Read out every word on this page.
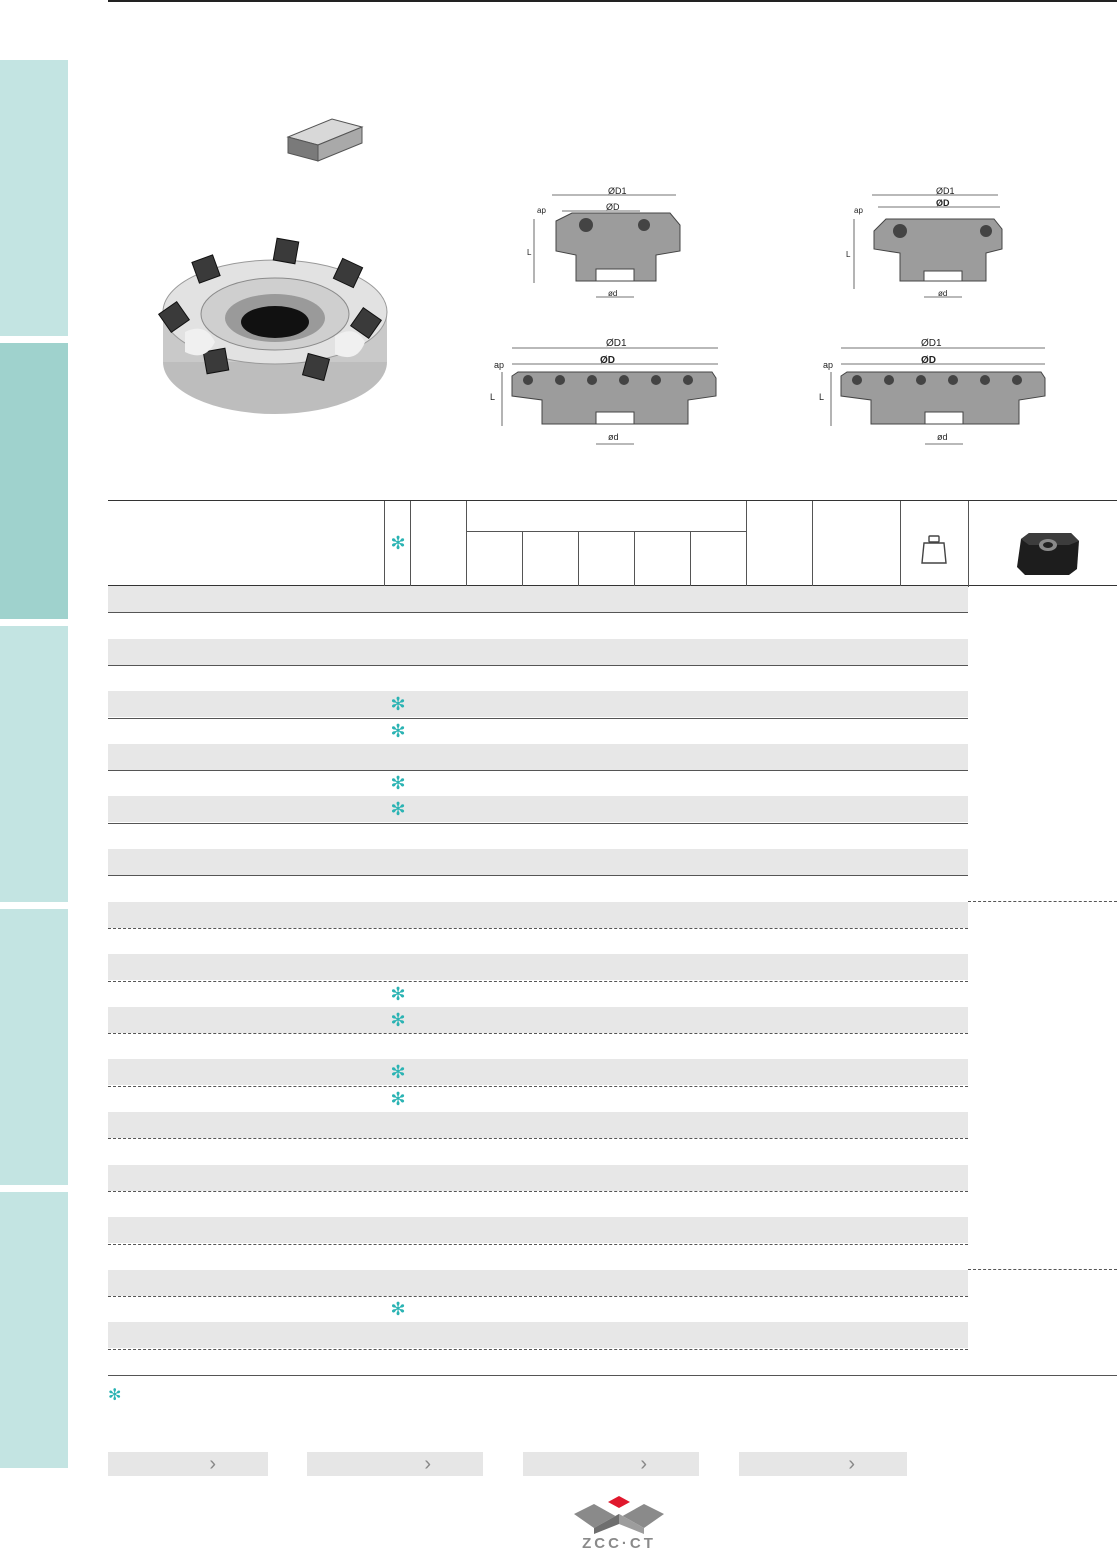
ØD1
ØD
ap
L
ød
ØD1
ØD
ap
L
ød
ØD1
ØD
ap
L
ød
ØD1
ØD
ap
L
ød
✻
✻
✻
✻
✻
✻
✻
✻
✻
✻
✻
›	›	›	›
ZCC·CT
